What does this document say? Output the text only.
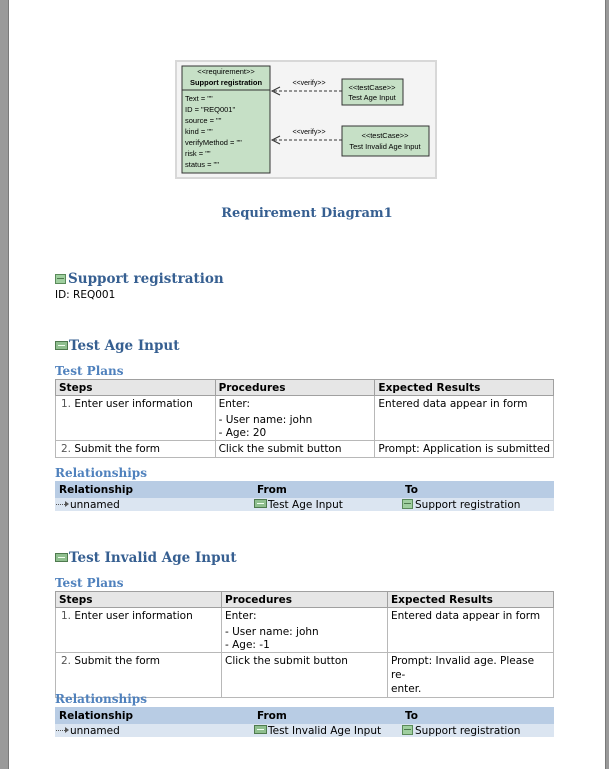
<<requirement>>
Support registration
Text = ""
ID = "REQ001"
source = ""
kind = ""
verifyMethod = ""
risk = ""
status = ""
<<testCase>>
Test Age Input
<<testCase>>
Test Invalid Age Input
<<verify>>
<<verify>>
Requirement Diagram1
Support registration
ID: REQ001
Test Age Input
Test Plans
Steps	Procedures	Expected Results
1. Enter user information	Enter:
- User name: john
- Age: 20	Entered data appear in form

2. Submit the form	Click the submit button	Prompt: Application is submitted
Relationships
Relationship	From	To
unnamed	Test Age Input	Support registration
Test Invalid Age Input
Test Plans
Steps	Procedures	Expected Results
1. Enter user information	Enter:
- User name: john
- Age: -1	Entered data appear in form

2. Submit the form	Click the submit button	Prompt: Invalid age. Please re-
enter.
Relationships
Relationship	From	To
unnamed	Test Invalid Age Input	Support registration
